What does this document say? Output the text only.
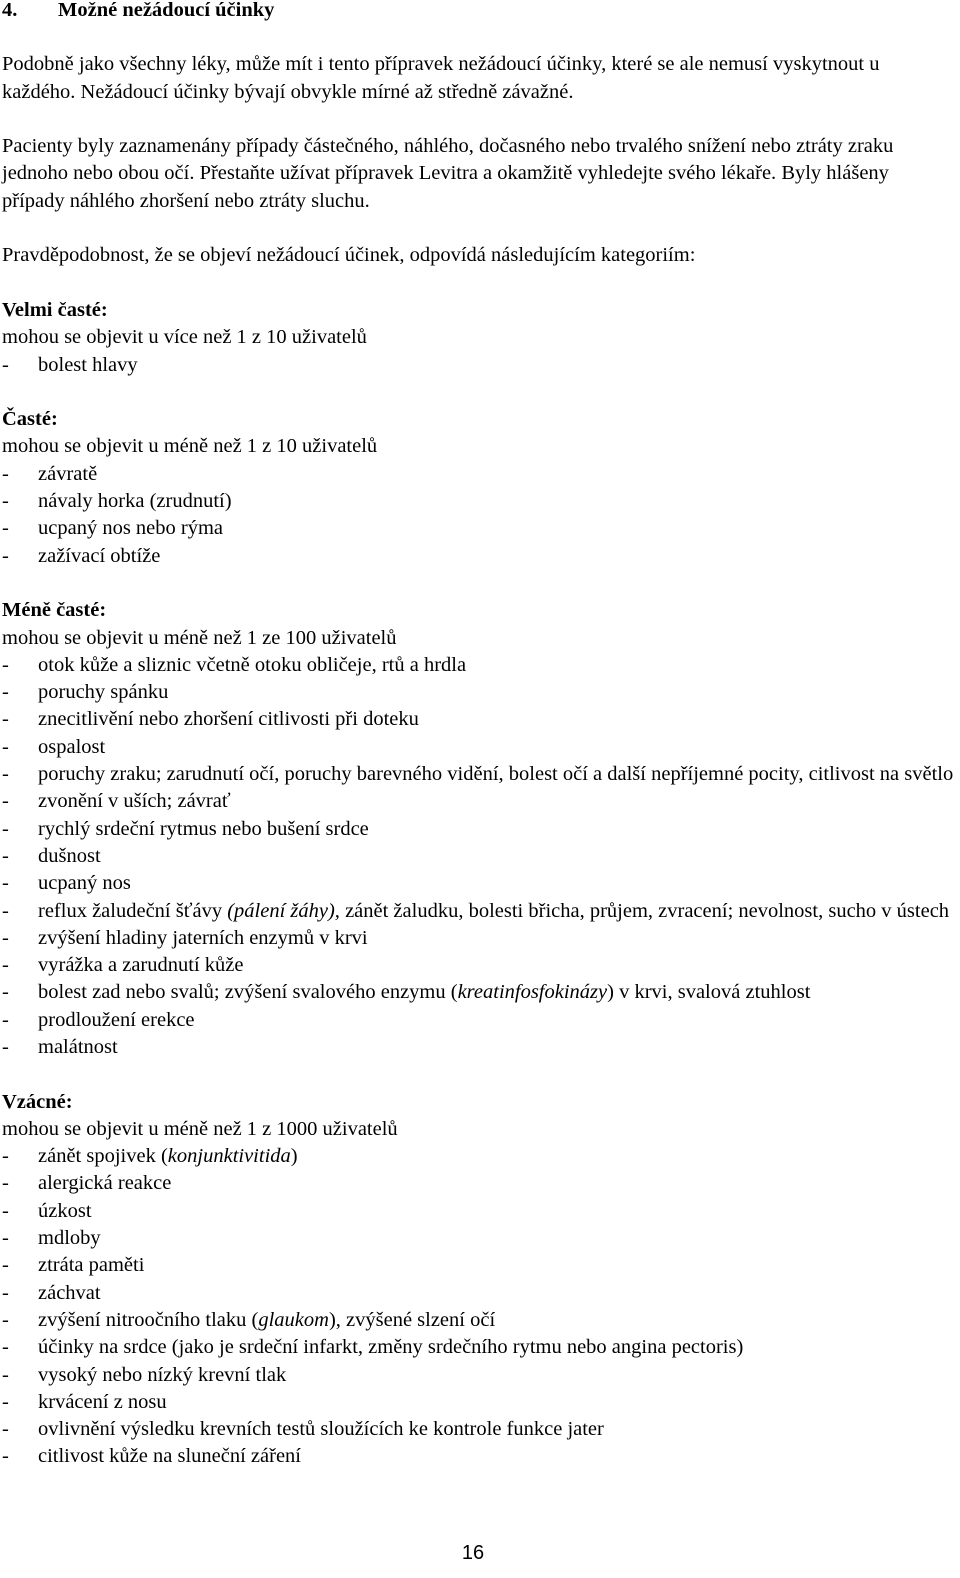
4. Možné nežádoucí účinky

Podobně jako všechny léky, může mít i tento přípravek nežádoucí účinky, které se ale nemusí vyskytnout u každého. Nežádoucí účinky bývají obvykle mírné až středně závažné.

Pacienty byly zaznamenány případy částečného, náhlého, dočasného nebo trvalého snížení nebo ztráty zraku jednoho nebo obou očí. Přestaňte užívat přípravek Levitra a okamžitě vyhledejte svého lékaře. Byly hlášeny případy náhlého zhoršení nebo ztráty sluchu.

Pravděpodobnost, že se objeví nežádoucí účinek, odpovídá následujícím kategoriím:

Velmi časté:
mohou se objevit u více než 1 z 10 uživatelů
-	bolest hlavy
Časté:
mohou se objevit u méně než 1 z 10 uživatelů
-	závratě
-	návaly horka (zrudnutí)
-	ucpaný nos nebo rýma
-	zažívací obtíže
Méně časté:
mohou se objevit u méně než 1 ze 100 uživatelů
-	otok kůže a sliznic včetně otoku obličeje, rtů a hrdla
-	poruchy spánku
-	znecitlivění nebo zhoršení citlivosti při doteku
-	ospalost
-	poruchy zraku; zarudnutí očí, poruchy barevného vidění, bolest očí a další nepříjemné pocity, citlivost na světlo
-	zvonění v uších; závrať
-	rychlý srdeční rytmus nebo bušení srdce
-	dušnost
-	ucpaný nos
-	reflux žaludeční šťávy (pálení žáhy), zánět žaludku, bolesti břicha, průjem, zvracení; nevolnost, sucho v ústech
-	zvýšení hladiny jaterních enzymů v krvi
-	vyrážka a zarudnutí kůže
-	bolest zad nebo svalů; zvýšení svalového enzymu (kreatinfosfokinázy) v krvi, svalová ztuhlost
-	prodloužení erekce
-	malátnost
Vzácné:
mohou se objevit u méně než 1 z 1000 uživatelů
-	zánět spojivek (konjunktivitida)
-	alergická reakce
-	úzkost
-	mdloby
-	ztráta paměti
-	záchvat
-	zvýšení nitroočního tlaku (glaukom), zvýšené slzení očí
-	účinky na srdce (jako je srdeční infarkt, změny srdečního rytmu nebo angina pectoris)
-	vysoký nebo nízký krevní tlak
-	krvácení z nosu
-	ovlivnění výsledku krevních testů sloužících ke kontrole funkce jater
-	citlivost kůže na sluneční záření
16
